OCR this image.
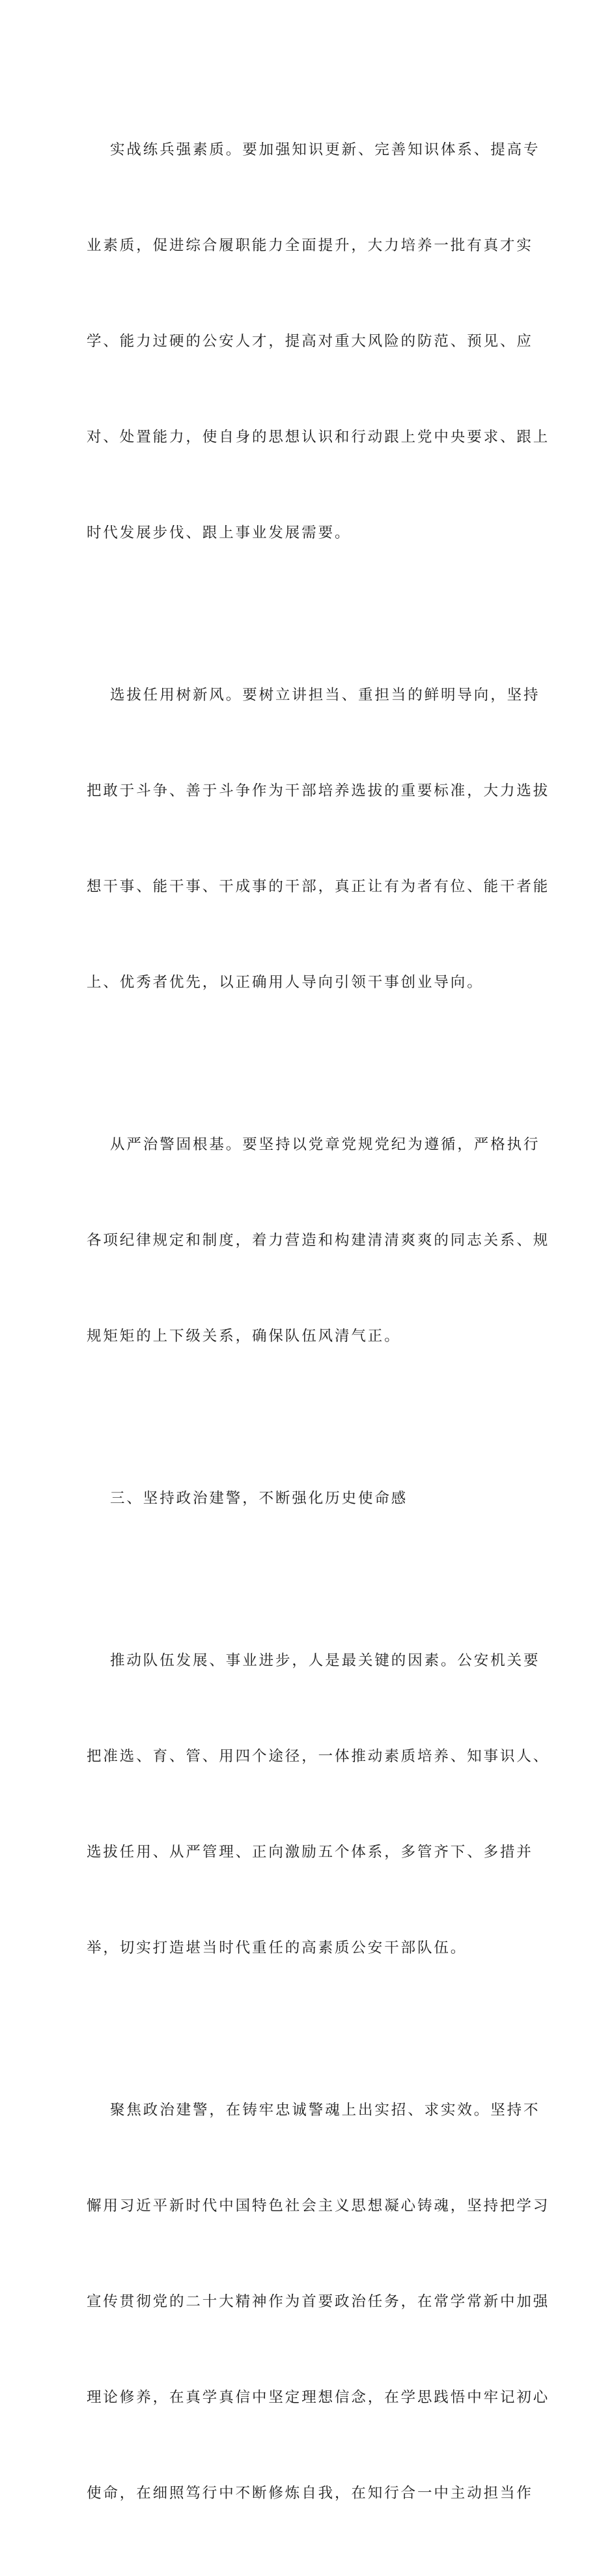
实战练兵强素质。要加强知识更新、完善知识体系、提高专

业素质，促进综合履职能力全面提升，大力培养一批有真才实

学、能力过硬的公安人才，提高对重大风险的防范、预见、应

对、处置能力，使自身的思想认识和行动跟上党中央要求、跟上

时代发展步伐、跟上事业发展需要。

选拔任用树新风。要树立讲担当、重担当的鲜明导向，坚持

把敢于斗争、善于斗争作为干部培养选拔的重要标准，大力选拔

想干事、能干事、干成事的干部，真正让有为者有位、能干者能

上、优秀者优先，以正确用人导向引领干事创业导向。

从严治警固根基。要坚持以党章党规党纪为遵循，严格执行

各项纪律规定和制度，着力营造和构建清清爽爽的同志关系、规

规矩矩的上下级关系，确保队伍风清气正。

三、坚持政治建警，不断强化历史使命感

推动队伍发展、事业进步，人是最关键的因素。公安机关要

把准选、育、管、用四个途径，一体推动素质培养、知事识人、

选拔任用、从严管理、正向激励五个体系，多管齐下、多措并

举，切实打造堪当时代重任的高素质公安干部队伍。

聚焦政治建警，在铸牢忠诚警魂上出实招、求实效。坚持不

懈用习近平新时代中国特色社会主义思想凝心铸魂，坚持把学习

宣传贯彻党的二十大精神作为首要政治任务，在常学常新中加强

理论修养，在真学真信中坚定理想信念，在学思践悟中牢记初心

使命，在细照笃行中不断修炼自我，在知行合一中主动担当作
